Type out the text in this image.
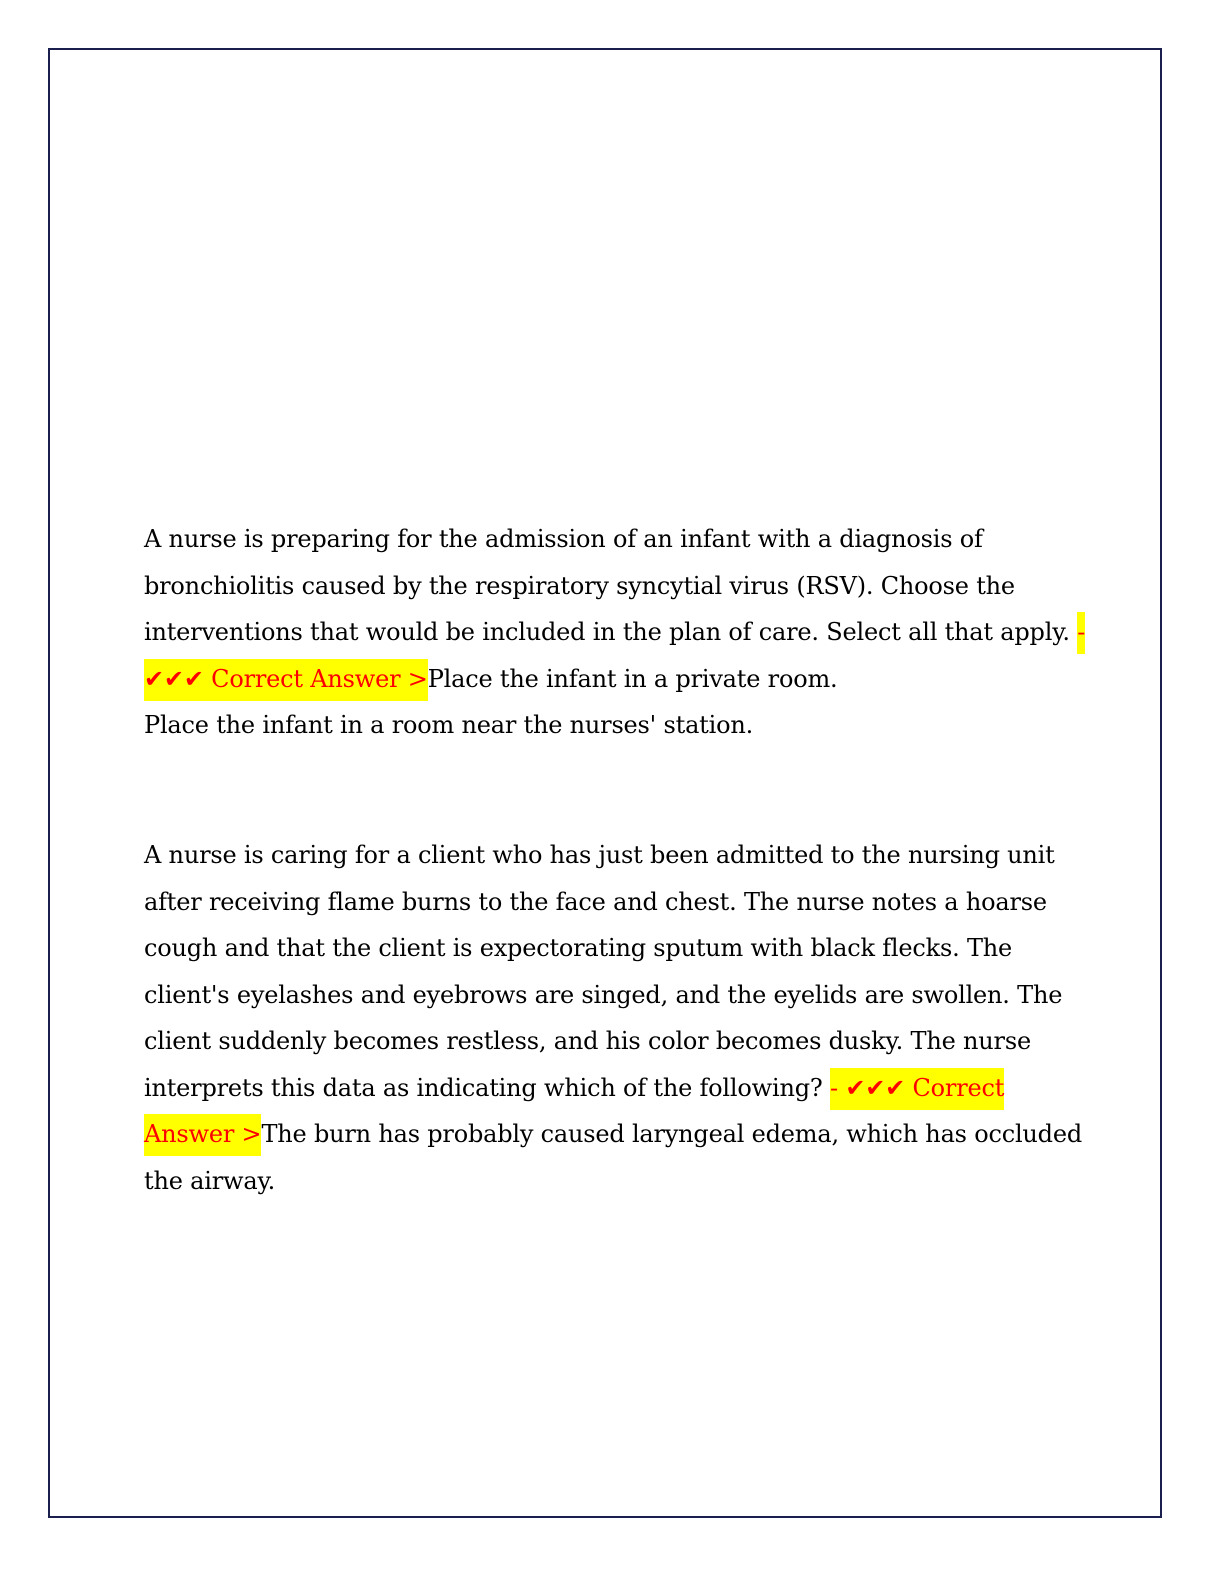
A nurse is preparing for the admission of an infant with a diagnosis of bronchiolitis caused by the respiratory syncytial virus (RSV). Choose the interventions that would be included in the plan of care. Select all that apply. - ✔✔✔ Correct Answer >Place the infant in a private room.
Place the infant in a room near the nurses' station.
A nurse is caring for a client who has just been admitted to the nursing unit after receiving flame burns to the face and chest. The nurse notes a hoarse cough and that the client is expectorating sputum with black flecks. The client's eyelashes and eyebrows are singed, and the eyelids are swollen. The client suddenly becomes restless, and his color becomes dusky. The nurse interprets this data as indicating which of the following? - ✔✔✔ Correct Answer >The burn has probably caused laryngeal edema, which has occluded the airway.
